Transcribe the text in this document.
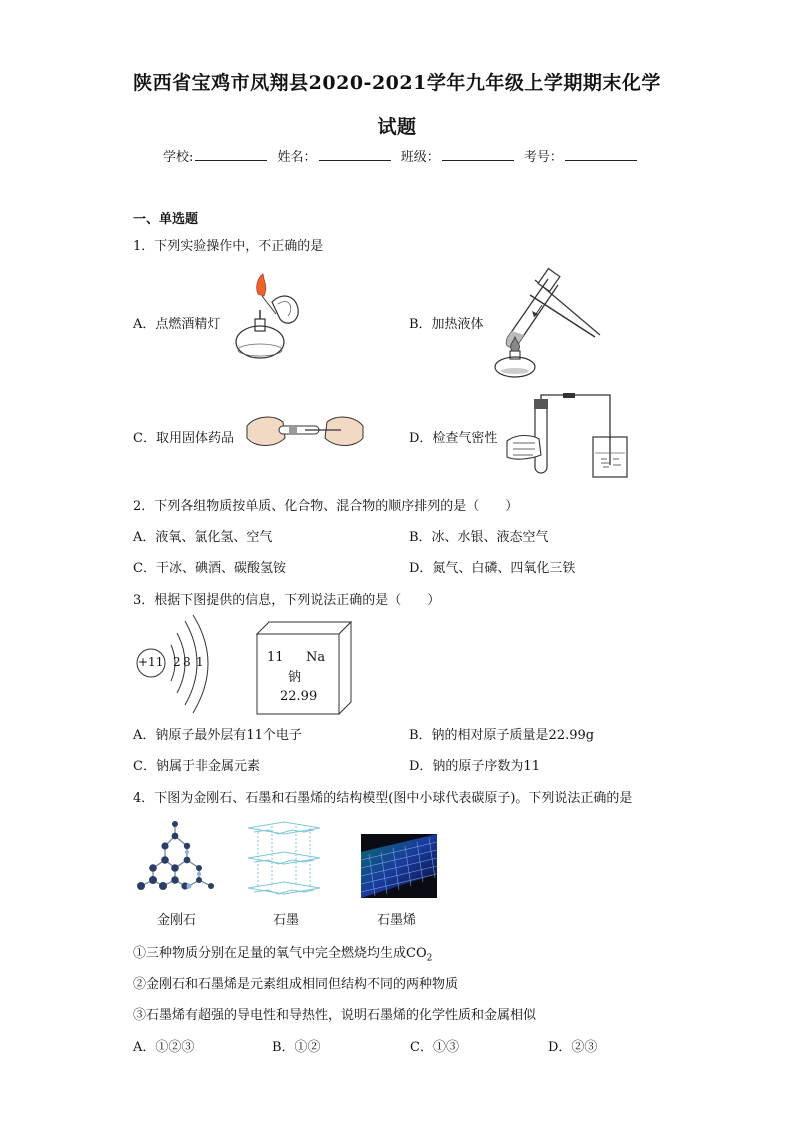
陕西省宝鸡市凤翔县2020-2021学年九年级上学期期末化学
试题
学校:	姓名：	班级：	考号：
一、单选题
1．下列实验操作中，不正确的是
A．点燃酒精灯	B．加热液体
C．取用固体药品	D．检查气密性
2．下列各组物质按单质、化合物、混合物的顺序排列的是（　　）
A．液氧、氯化氢、空气	B．冰、水银、液态空气
C．干冰、碘酒、碳酸氢铵	D．氮气、白磷、四氧化三铁
3．根据下图提供的信息，下列说法正确的是（　　）
+11 2 8 1	11 Na
钠
22.99
A．钠原子最外层有11个电子	B．钠的相对原子质量是22.99g
C．钠属于非金属元素	D．钠的原子序数为11
4．下图为金刚石、石墨和石墨烯的结构模型(图中小球代表碳原子)。下列说法正确的是
金刚石	石墨	石墨烯
①三种物质分别在足量的氧气中完全燃烧均生成$CO_2$
②金刚石和石墨烯是元素组成相同但结构不同的两种物质
③石墨烯有超强的导电性和导热性，说明石墨烯的化学性质和金属相似
A．①②③	B．①②	C．①③	D．②③
